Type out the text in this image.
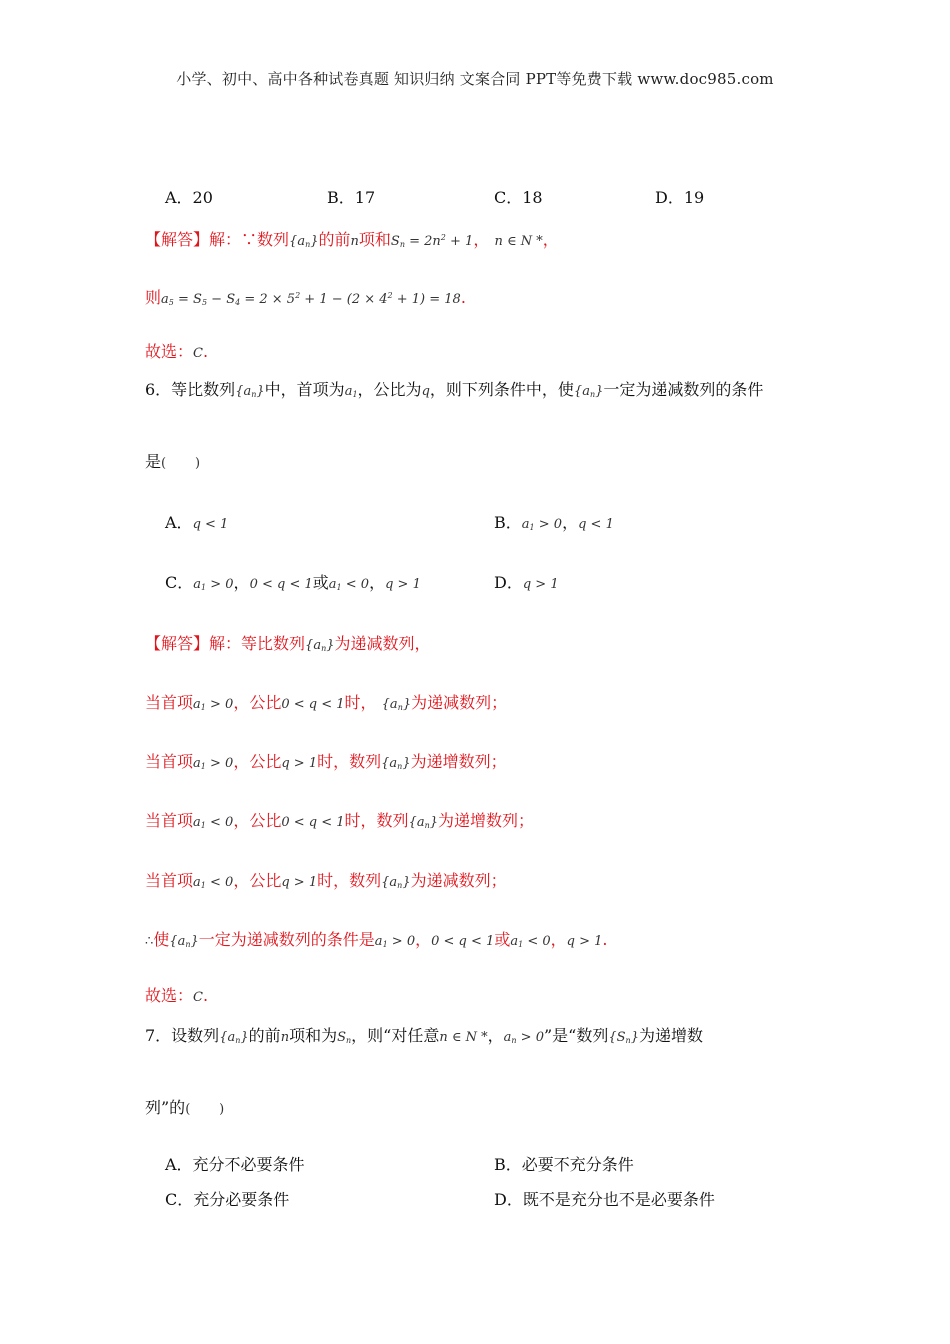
小学、初中、高中各种试卷真题 知识归纳 文案合同 PPT等免费下载 www.doc985.com
A．20	B．17	C．18	D．19
【解答】解：∵数列$\{a_n\}$的前n项和$S_n = 2n^2 + 1$， n ∈ N *，
则$a_5 = S_5 - S_4 = 2 \times 5^2 + 1 - (2 \times 4^2 + 1) = 18$.
故选：C.
6．等比数列$\{a_n\}$中，首项为$a_1$，公比为q，则下列条件中，使$\{a_n\}$一定为递减数列的条件
是(       )
A．q < 1	B．$a_1 > 0$，q < 1
C．$a_1 > 0$，0 < q < 1或$a_1 < 0$，q > 1	D．q > 1
【解答】解：等比数列$\{a_n\}$为递减数列，
当首项$a_1 > 0$，公比0 < q < 1时， $\{a_n\}$为递减数列；
当首项$a_1 > 0$，公比q > 1时，数列$\{a_n\}$为递增数列；
当首项$a_1 < 0$，公比0 < q < 1时，数列$\{a_n\}$为递增数列；
当首项$a_1 < 0$，公比q > 1时，数列$\{a_n\}$为递减数列；
∴使$\{a_n\}$一定为递减数列的条件是$a_1 > 0$，0 < q < 1或$a_1 < 0$，q > 1.
故选：C.
7．设数列$\{a_n\}$的前n项和为$S_n$，则“对任意n ∈ N *，$a_n > 0$”是“数列$\{S_n\}$为递增数
列”的(       )
A．充分不必要条件	B．必要不充分条件
C．充分必要条件	D．既不是充分也不是必要条件
